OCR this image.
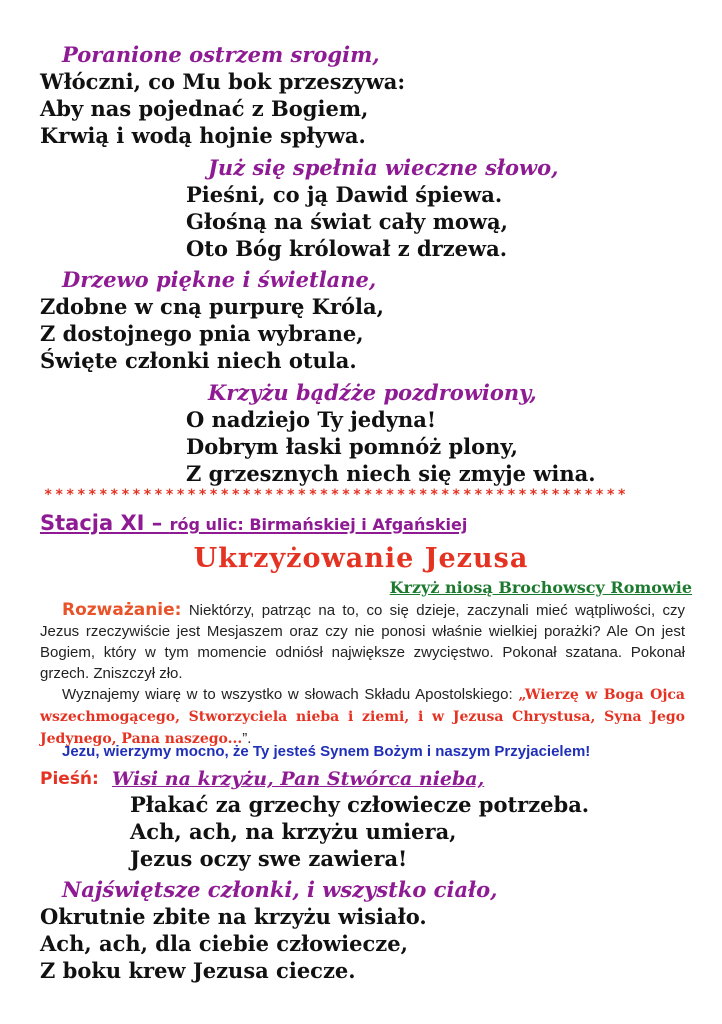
Poranione ostrzem srogim,
Włóczni, co Mu bok przeszywa:
Aby nas pojednać z Bogiem,
Krwią i wodą hojnie spływa.
Już się spełnia wieczne słowo,
Pieśni, co ją Dawid śpiewa.
Głośną na świat cały mową,
Oto Bóg królował z drzewa.
Drzewo piękne i świetlane,
Zdobne w cną purpurę Króla,
Z dostojnego pnia wybrane,
Święte członki niech otula.
Krzyżu bądźże pozdrowiony,
O nadziejo Ty jedyna!
Dobrym łaski pomnóż plony,
Z grzesznych niech się zmyje wina.
*****************************************************
Stacja XI – róg ulic: Birmańskiej i Afgańskiej
Ukrzyżowanie Jezusa
Krzyż niosą Brochowscy Romowie

Rozważanie: Niektórzy, patrząc na to, co się dzieje, zaczynali mieć wątpliwości, czy Jezus rzeczywiście jest Mesjaszem oraz czy nie ponosi właśnie wielkiej porażki? Ale On jest Bogiem, który w tym momencie odniósł największe zwycięstwo. Pokonał szatana. Pokonał grzech. Zniszczył zło.

Wyznajemy wiarę w to wszystko w słowach Składu Apostolskiego: „Wierzę w Boga Ojca wszechmogącego, Stworzyciela nieba i ziemi, i w Jezusa Chrystusa, Syna Jego Jedynego, Pana naszego...”.

Jezu, wierzymy mocno, że Ty jesteś Synem Bożym i naszym Przyjacielem!
Pieśń: Wisi na krzyżu, Pan Stwórca nieba,
Płakać za grzechy człowiecze potrzeba.
Ach, ach, na krzyżu umiera,
Jezus oczy swe zawiera!
Najświętsze członki, i wszystko ciało,
Okrutnie zbite na krzyżu wisiało.
Ach, ach, dla ciebie człowiecze,
Z boku krew Jezusa ciecze.
